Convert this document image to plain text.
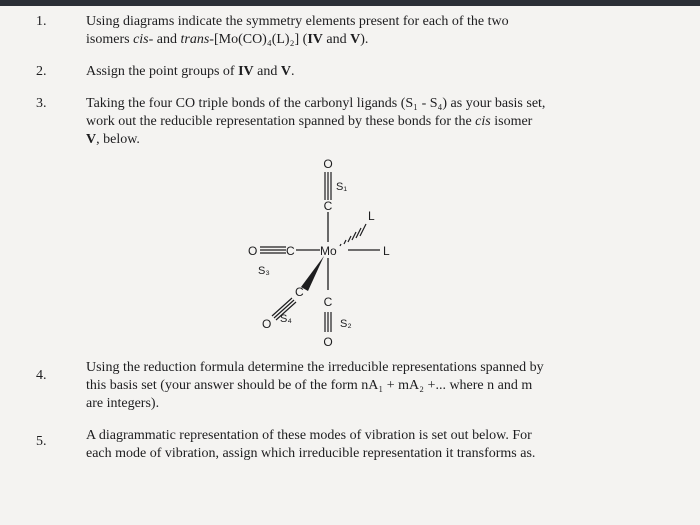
1.	Using diagrams indicate the symmetry elements present for each of the two
isomers cis- and trans-[Mo(CO)₄(L)₂] (IV and V).
2.	Assign the point groups of IV and V.
3.	Taking the four CO triple bonds of the carbonyl ligands (S₁ - S₄) as your basis set,
work out the reducible representation spanned by these bonds for the cis isomer
V, below.
O
C
L
O C Mo	L
C
O
C
O
S₁
S₃
S₄	S₂
4.
Using the reduction formula determine the irreducible representations spanned by
this basis set (your answer should be of the form nA₁ + mA₂ +... where n and m
are integers).
5.	A diagrammatic representation of these modes of vibration is set out below. For
each mode of vibration, assign which irreducible representation it transforms as.
